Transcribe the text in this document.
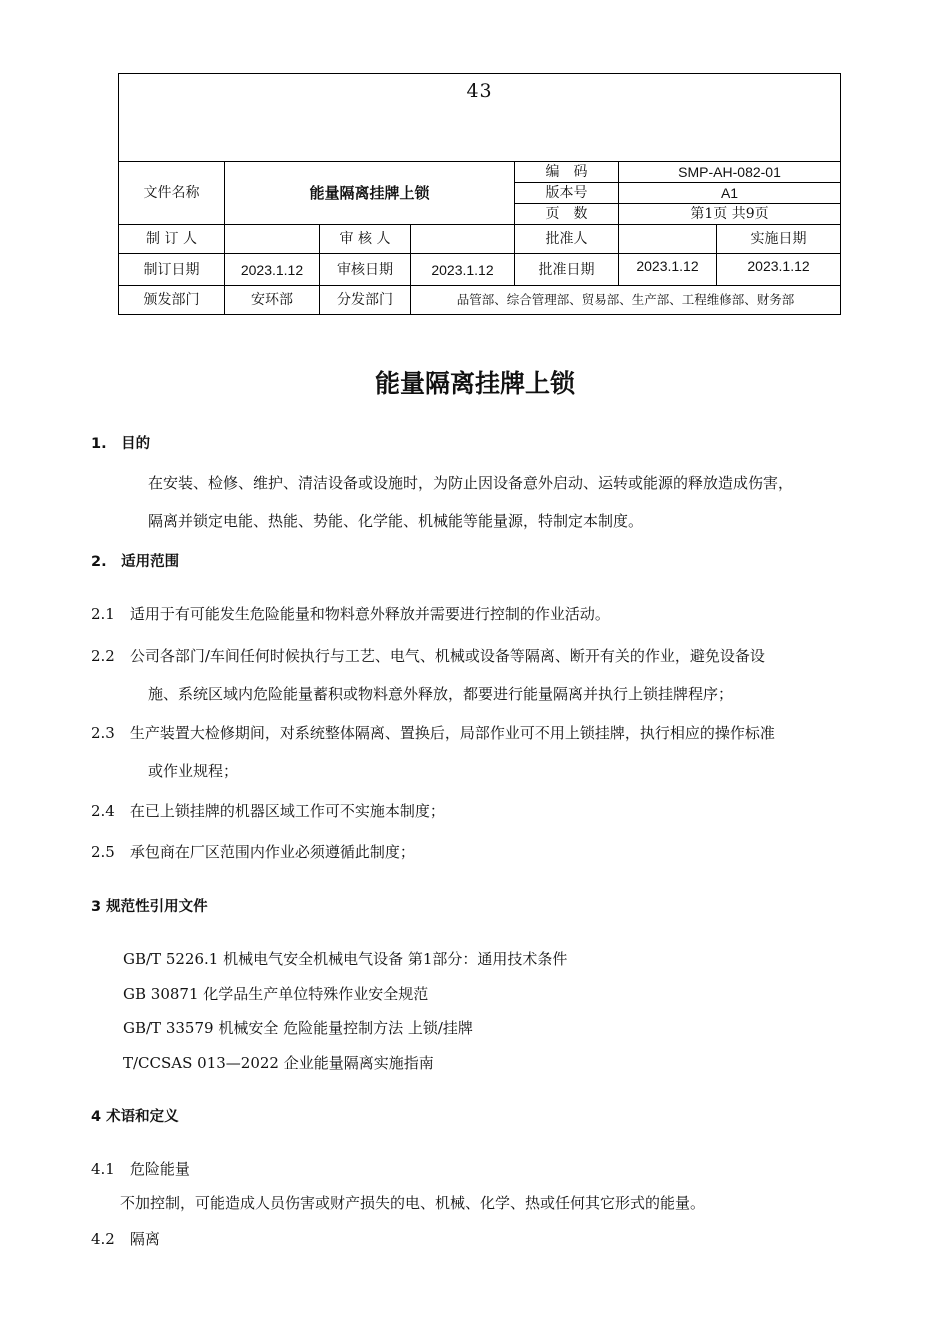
43						
文件名称	能量隔离挂牌上锁			编　码	SMP-AH-082-01	
				版本号	A1	
				页　数	第1页 共9页	
制 订 人		审 核 人		批准人		实施日期
制订日期	2023.1.12	审核日期	2023.1.12	批准日期	2023.1.12	2023.1.12
颁发部门	安环部	分发部门	品管部、综合管理部、贸易部、生产部、工程维修部、财务部			
能量隔离挂牌上锁
1.　目的
在安装、检修、维护、清洁设备或设施时，为防止因设备意外启动、运转或能源的释放造成伤害，
隔离并锁定电能、热能、势能、化学能、机械能等能量源，特制定本制度。
2.　适用范围
2.1　适用于有可能发生危险能量和物料意外释放并需要进行控制的作业活动。
2.2　公司各部门/车间任何时候执行与工艺、电气、机械或设备等隔离、断开有关的作业，避免设备设
施、系统区域内危险能量蓄积或物料意外释放，都要进行能量隔离并执行上锁挂牌程序；
2.3　生产装置大检修期间，对系统整体隔离、置换后，局部作业可不用上锁挂牌，执行相应的操作标准
或作业规程；
2.4　在已上锁挂牌的机器区域工作可不实施本制度；
2.5　承包商在厂区范围内作业必须遵循此制度；
3 规范性引用文件
GB/T 5226.1 机械电气安全机械电气设备 第1部分：通用技术条件
GB 30871 化学品生产单位特殊作业安全规范
GB/T 33579 机械安全 危险能量控制方法 上锁/挂牌
T/CCSAS 013—2022 企业能量隔离实施指南
4 术语和定义
4.1　危险能量
不加控制，可能造成人员伤害或财产损失的电、机械、化学、热或任何其它形式的能量。
4.2　隔离
